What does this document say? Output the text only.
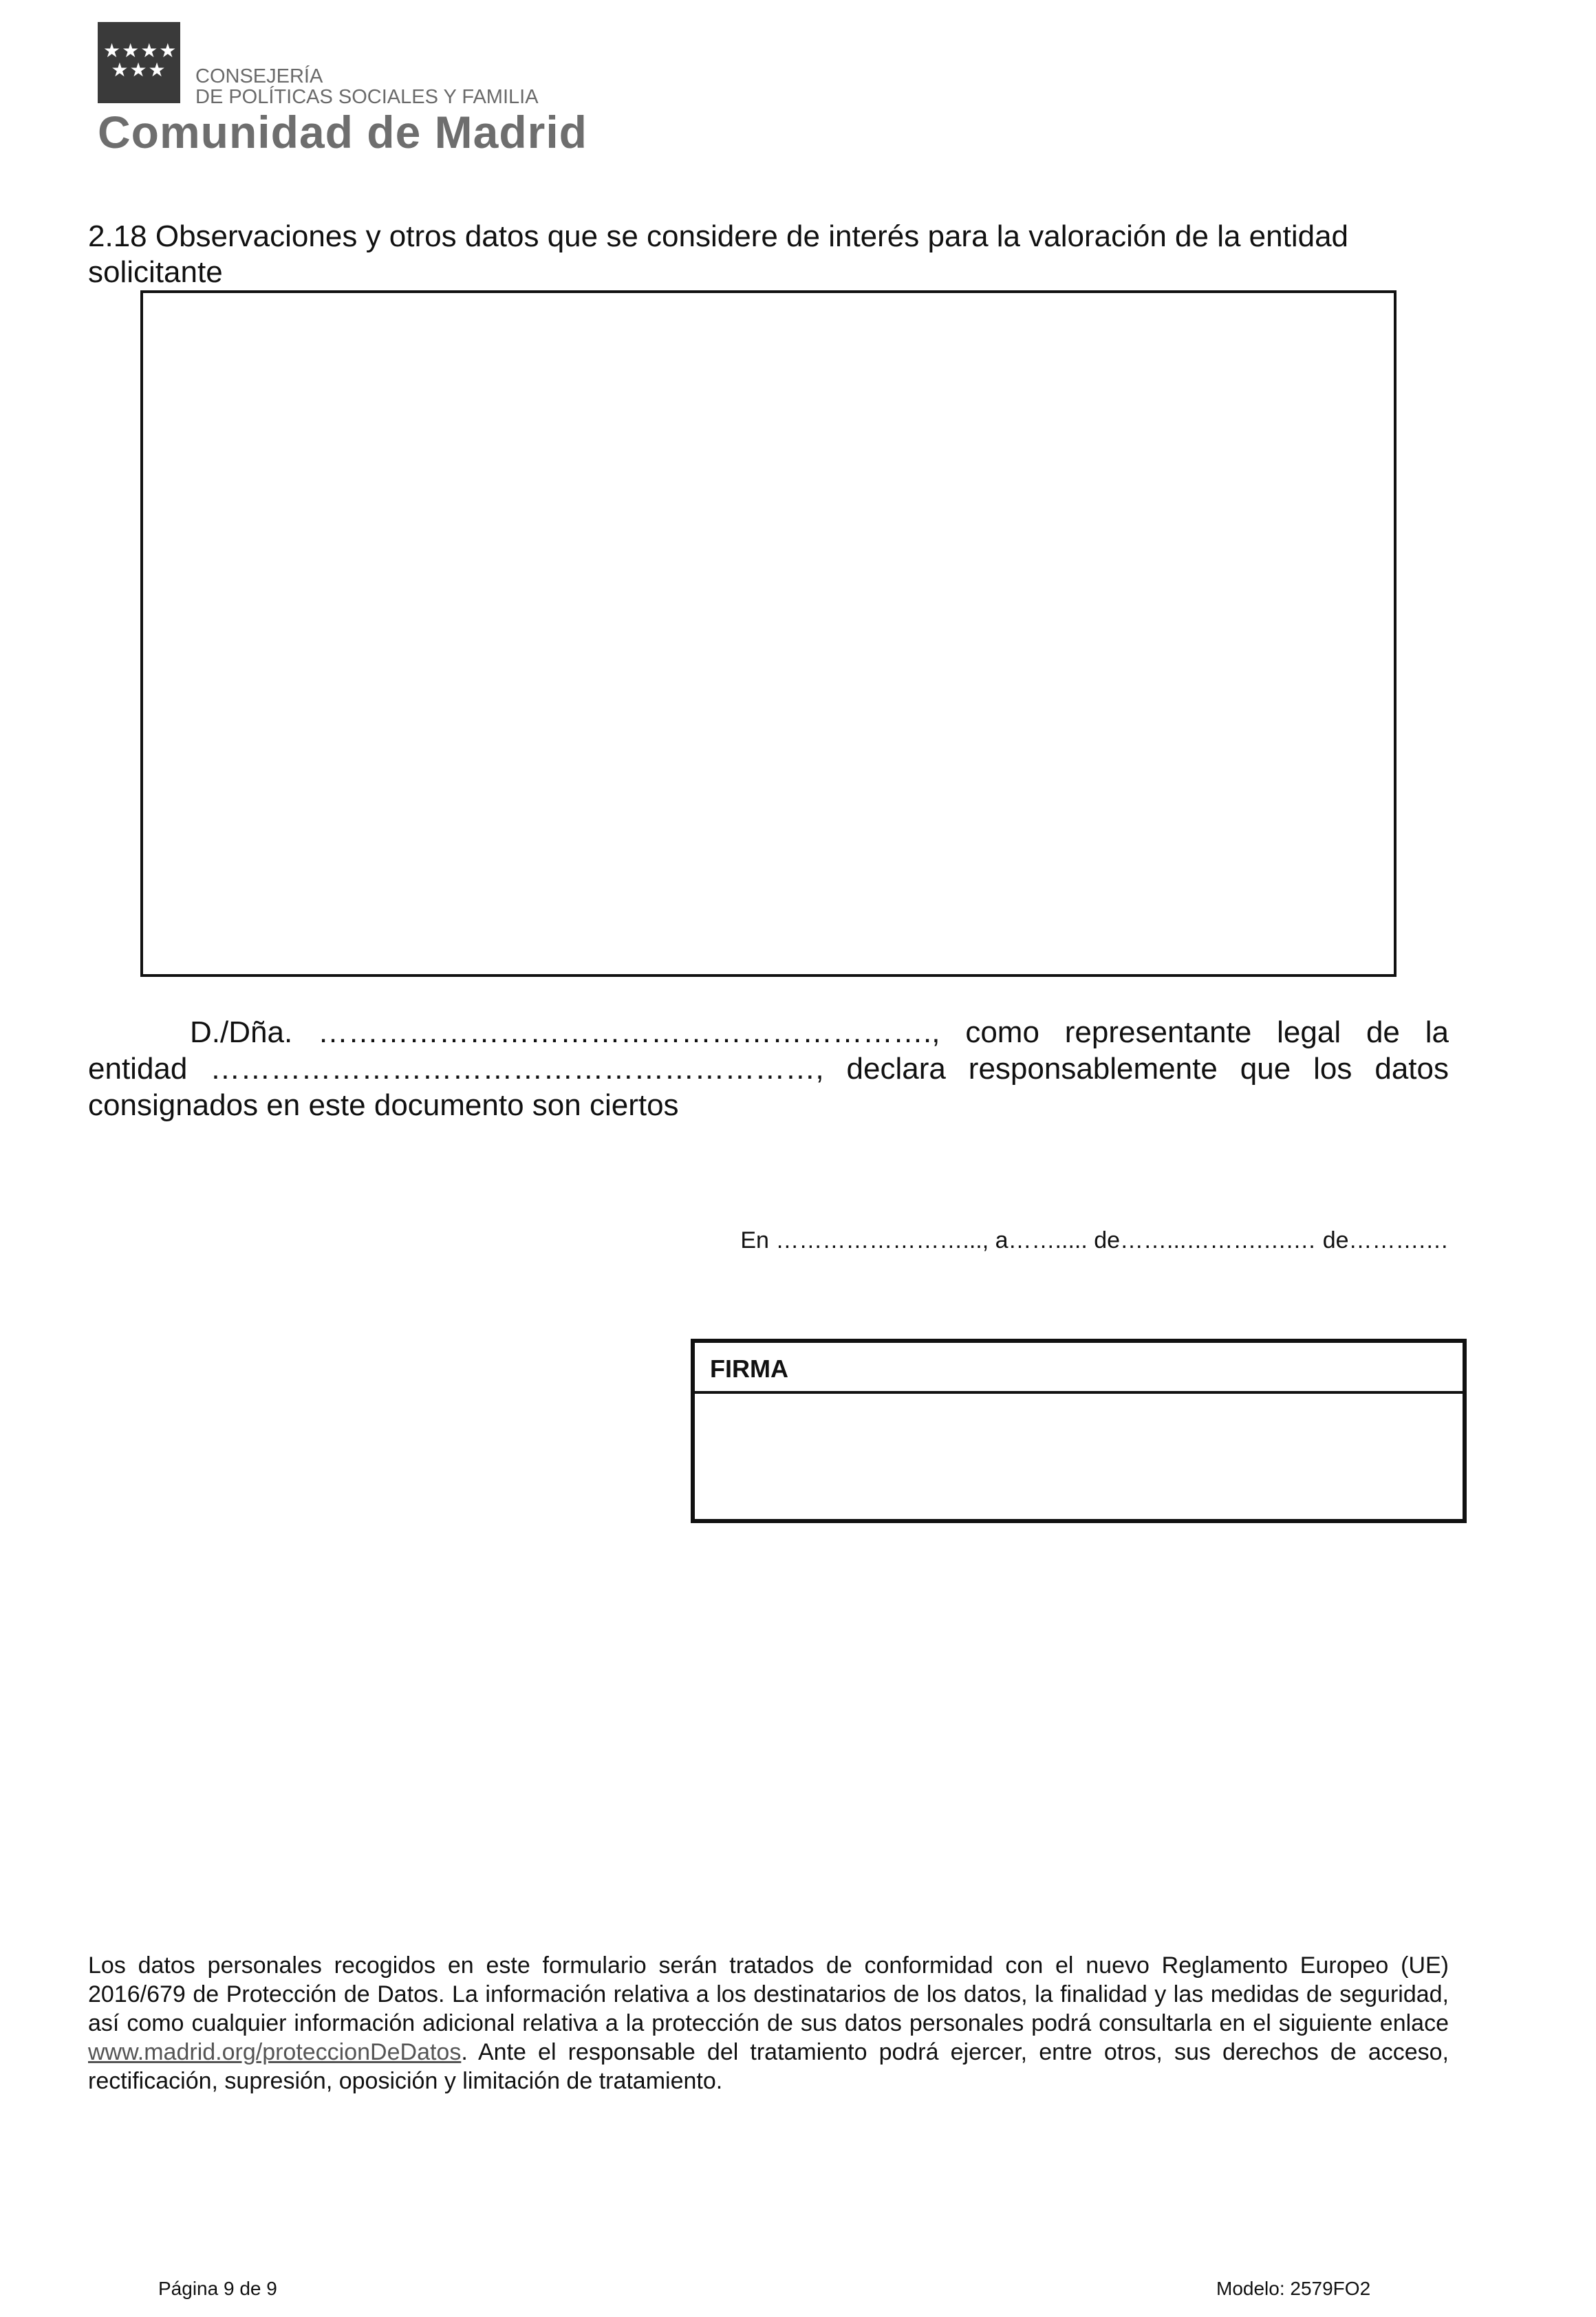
★★★★
★★★	CONSEJERÍA
DE POLÍTICAS SOCIALES Y FAMILIA
Comunidad de Madrid
2.18 Observaciones y otros datos que se considere de interés para la valoración de la entidad solicitante
D./Dña. ……………………………………………………., como representante legal de la
entidad ……………………………………………………, declara responsablemente que los datos
consignados en este documento son ciertos
En ……………………..., a……..... de……...……….….… de……….…
FIRMA
Los datos personales recogidos en este formulario serán tratados de conformidad con el nuevo Reglamento Europeo (UE) 2016/679 de Protección de Datos. La información relativa a los destinatarios de los datos, la finalidad y las medidas de seguridad, así como cualquier información adicional relativa a la protección de sus datos personales podrá consultarla en el siguiente enlace www.madrid.org/proteccionDeDatos. Ante el responsable del tratamiento podrá ejercer, entre otros, sus derechos de acceso, rectificación, supresión, oposición y limitación de tratamiento.
Página 9 de 9	Modelo: 2579FO2
